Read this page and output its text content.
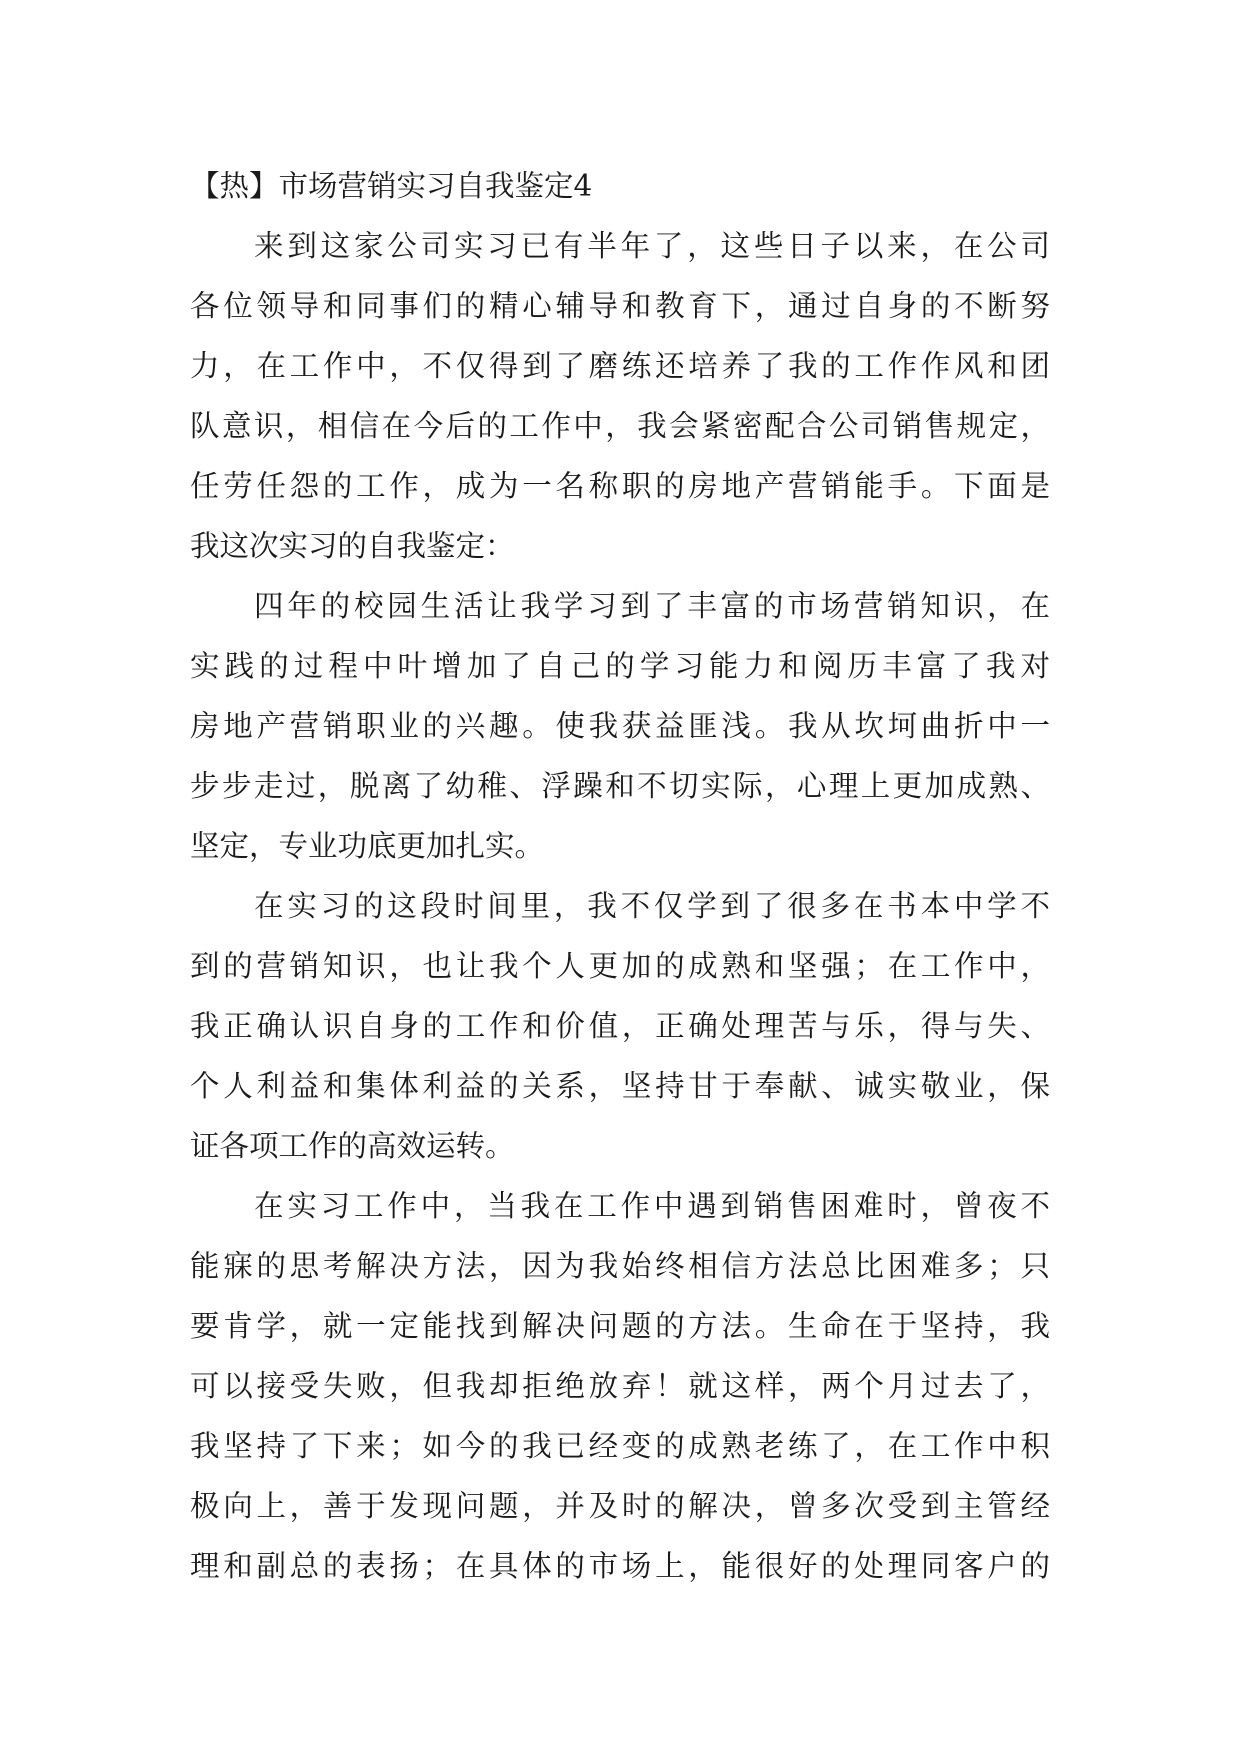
【热】市场营销实习自我鉴定4
来到这家公司实习已有半年了，这些日子以来，在公司
各位领导和同事们的精心辅导和教育下，通过自身的不断努
力，在工作中，不仅得到了磨练还培养了我的工作作风和团
队意识，相信在今后的工作中，我会紧密配合公司销售规定，
任劳任怨的工作，成为一名称职的房地产营销能手。下面是
我这次实习的自我鉴定：
四年的校园生活让我学习到了丰富的市场营销知识，在
实践的过程中叶增加了自己的学习能力和阅历丰富了我对
房地产营销职业的兴趣。使我获益匪浅。我从坎坷曲折中一
步步走过，脱离了幼稚、浮躁和不切实际，心理上更加成熟、
坚定，专业功底更加扎实。
在实习的这段时间里，我不仅学到了很多在书本中学不
到的营销知识，也让我个人更加的成熟和坚强；在工作中，
我正确认识自身的工作和价值，正确处理苦与乐，得与失、
个人利益和集体利益的关系，坚持甘于奉献、诚实敬业，保
证各项工作的高效运转。
在实习工作中，当我在工作中遇到销售困难时，曾夜不
能寐的思考解决方法，因为我始终相信方法总比困难多；只
要肯学，就一定能找到解决问题的方法。生命在于坚持，我
可以接受失败，但我却拒绝放弃！就这样，两个月过去了，
我坚持了下来；如今的我已经变的成熟老练了，在工作中积
极向上，善于发现问题，并及时的解决，曾多次受到主管经
理和副总的表扬；在具体的市场上，能很好的处理同客户的
